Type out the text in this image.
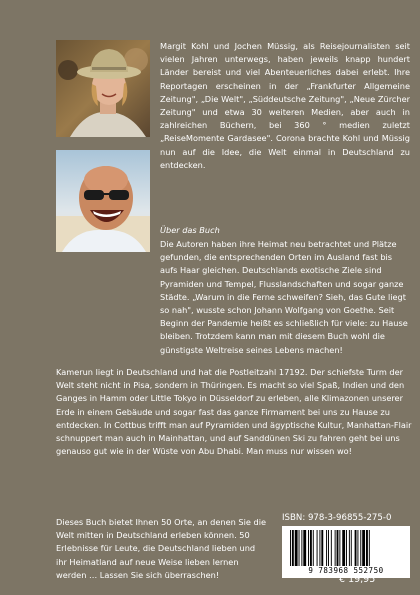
Margit Kohl und Jochen Müssig, als Reisejournalisten seit vielen Jahren unterwegs, haben jeweils knapp hundert Länder bereist und viel Abenteuerliches dabei erlebt. Ihre Reportagen erscheinen in der „Frankfurter Allgemeine Zeitung", „Die Welt", „Süddeutsche Zeitung", „Neue Zürcher Zeitung" und etwa 30 weiteren Medien, aber auch in zahlreichen Büchern, bei 360 ° medien zuletzt „ReiseMomente Gardasee". Corona brachte Kohl und Müssig nun auf die Idee, die Welt einmal in Deutschland zu entdecken.

Über das Buch

Die Autoren haben ihre Heimat neu betrachtet und Plätze gefunden, die entsprechenden Orten im Ausland fast bis aufs Haar gleichen. Deutschlands exotische Ziele sind Pyramiden und Tempel, Flusslandschaften und sogar ganze Städte. „Warum in die Ferne schweifen? Sieh, das Gute liegt so nah", wusste schon Johann Wolfgang von Goethe. Seit Beginn der Pandemie heißt es schließlich für viele: zu Hause bleiben. Trotzdem kann man mit diesem Buch wohl die günstigste Weltreise seines Lebens machen!

Kamerun liegt in Deutschland und hat die Postleitzahl 17192. Der schiefste Turm der Welt steht nicht in Pisa, sondern in Thüringen. Es macht so viel Spaß, Indien und den Ganges in Hamm oder Little Tokyo in Düsseldorf zu erleben, alle Klimazonen unserer Erde in einem Gebäude und sogar fast das ganze Firmament bei uns zu Hause zu entdecken. In Cottbus trifft man auf Pyramiden und ägyptische Kultur, Manhattan-Flair schnuppert man auch in Mainhattan, und auf Sanddünen Ski zu fahren geht bei uns genauso gut wie in der Wüste von Abu Dhabi. Man muss nur wissen wo!

Dieses Buch bietet Ihnen 50 Orte, an denen Sie die Welt mitten in Deutschland erleben können. 50 Erlebnisse für Leute, die Deutschland lieben und ihr Heimatland auf neue Weise lieben lernen werden … Lassen Sie sich überraschen!

ISBN: 978-3-96855-275-0
9 783968 552750
€ 19,95
